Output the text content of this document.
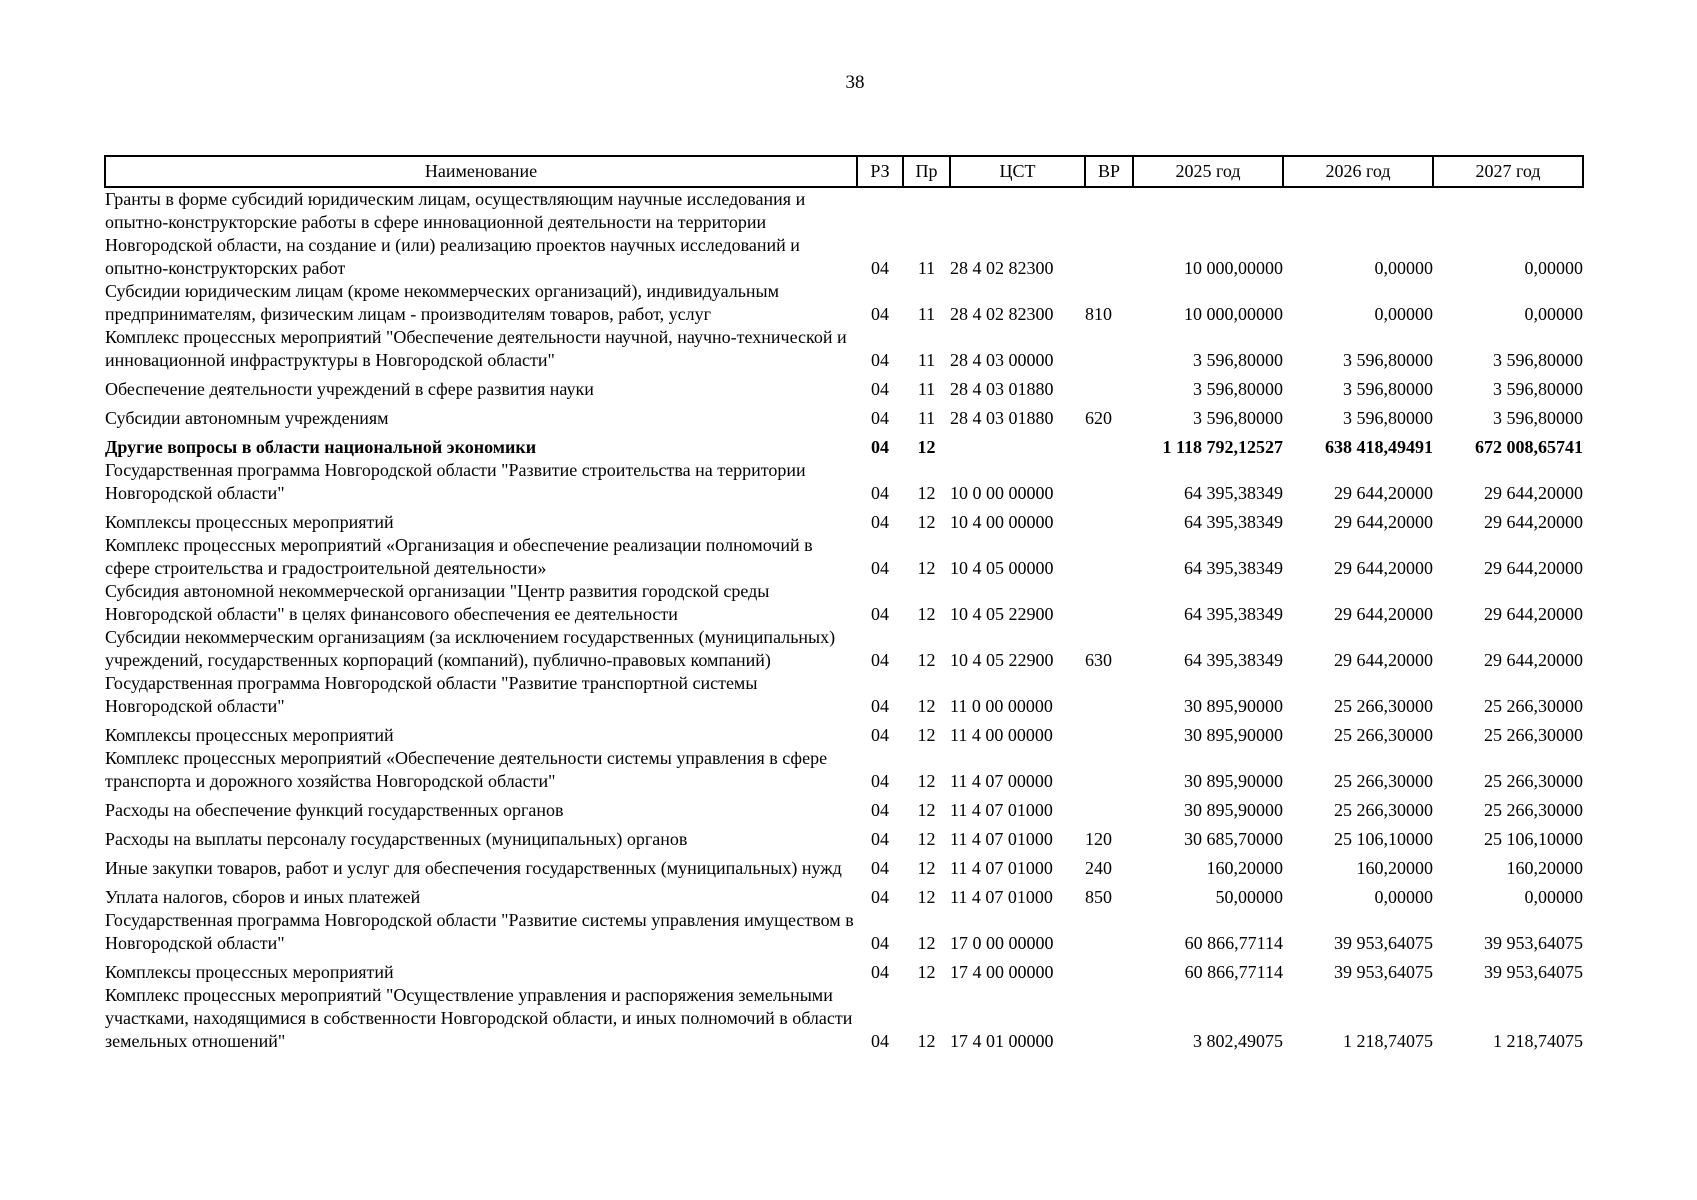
38
Наименование	РЗ	Пр	ЦСТ	ВР	2025 год	2026 год	2027 год
Гранты в форме субсидий юридическим лицам, осуществляющим научные исследования и опытно-конструкторские работы в сфере инновационной деятельности на территории Новгородской области, на создание и (или) реализацию проектов научных исследований и опытно-конструкторских работ	04	11	28 4 02 82300		10 000,00000	0,00000	0,00000
Субсидии юридическим лицам (кроме некоммерческих организаций), индивидуальным предпринимателям, физическим лицам - производителям товаров, работ, услуг	04	11	28 4 02 82300	810	10 000,00000	0,00000	0,00000
Комплекс процессных мероприятий "Обеспечение деятельности научной, научно-технической и инновационной инфраструктуры в Новгородской области"	04	11	28 4 03 00000		3 596,80000	3 596,80000	3 596,80000
Обеспечение деятельности учреждений в сфере развития науки	04	11	28 4 03 01880		3 596,80000	3 596,80000	3 596,80000
Субсидии автономным учреждениям	04	11	28 4 03 01880	620	3 596,80000	3 596,80000	3 596,80000
Другие вопросы в области национальной экономики	04	12			1 118 792,12527	638 418,49491	672 008,65741
Государственная программа Новгородской области "Развитие строительства на территории Новгородской области"	04	12	10 0 00 00000		64 395,38349	29 644,20000	29 644,20000
Комплексы процессных мероприятий	04	12	10 4 00 00000		64 395,38349	29 644,20000	29 644,20000
Комплекс процессных мероприятий «Организация и обеспечение реализации полномочий в сфере строительства и градостроительной деятельности»	04	12	10 4 05 00000		64 395,38349	29 644,20000	29 644,20000
Субсидия автономной некоммерческой организации "Центр развития городской среды Новгородской области" в целях финансового обеспечения ее деятельности	04	12	10 4 05 22900		64 395,38349	29 644,20000	29 644,20000
Субсидии некоммерческим организациям (за исключением государственных (муниципальных) учреждений, государственных корпораций (компаний), публично-правовых компаний)	04	12	10 4 05 22900	630	64 395,38349	29 644,20000	29 644,20000
Государственная программа Новгородской области "Развитие транспортной системы Новгородской области"	04	12	11 0 00 00000		30 895,90000	25 266,30000	25 266,30000
Комплексы процессных мероприятий	04	12	11 4 00 00000		30 895,90000	25 266,30000	25 266,30000
Комплекс процессных мероприятий «Обеспечение деятельности системы управления в сфере транспорта и дорожного хозяйства Новгородской области"	04	12	11 4 07 00000		30 895,90000	25 266,30000	25 266,30000
Расходы на обеспечение функций государственных органов	04	12	11 4 07 01000		30 895,90000	25 266,30000	25 266,30000
Расходы на выплаты персоналу государственных (муниципальных) органов	04	12	11 4 07 01000	120	30 685,70000	25 106,10000	25 106,10000
Иные закупки товаров, работ и услуг для обеспечения государственных (муниципальных) нужд	04	12	11 4 07 01000	240	160,20000	160,20000	160,20000
Уплата налогов, сборов и иных платежей	04	12	11 4 07 01000	850	50,00000	0,00000	0,00000
Государственная программа Новгородской области "Развитие системы управления имуществом в Новгородской области"	04	12	17 0 00 00000		60 866,77114	39 953,64075	39 953,64075
Комплексы процессных мероприятий	04	12	17 4 00 00000		60 866,77114	39 953,64075	39 953,64075
Комплекс процессных мероприятий "Осуществление управления и распоряжения земельными участками, находящимися в собственности Новгородской области, и иных полномочий в области земельных отношений"	04	12	17 4 01 00000		3 802,49075	1 218,74075	1 218,74075
